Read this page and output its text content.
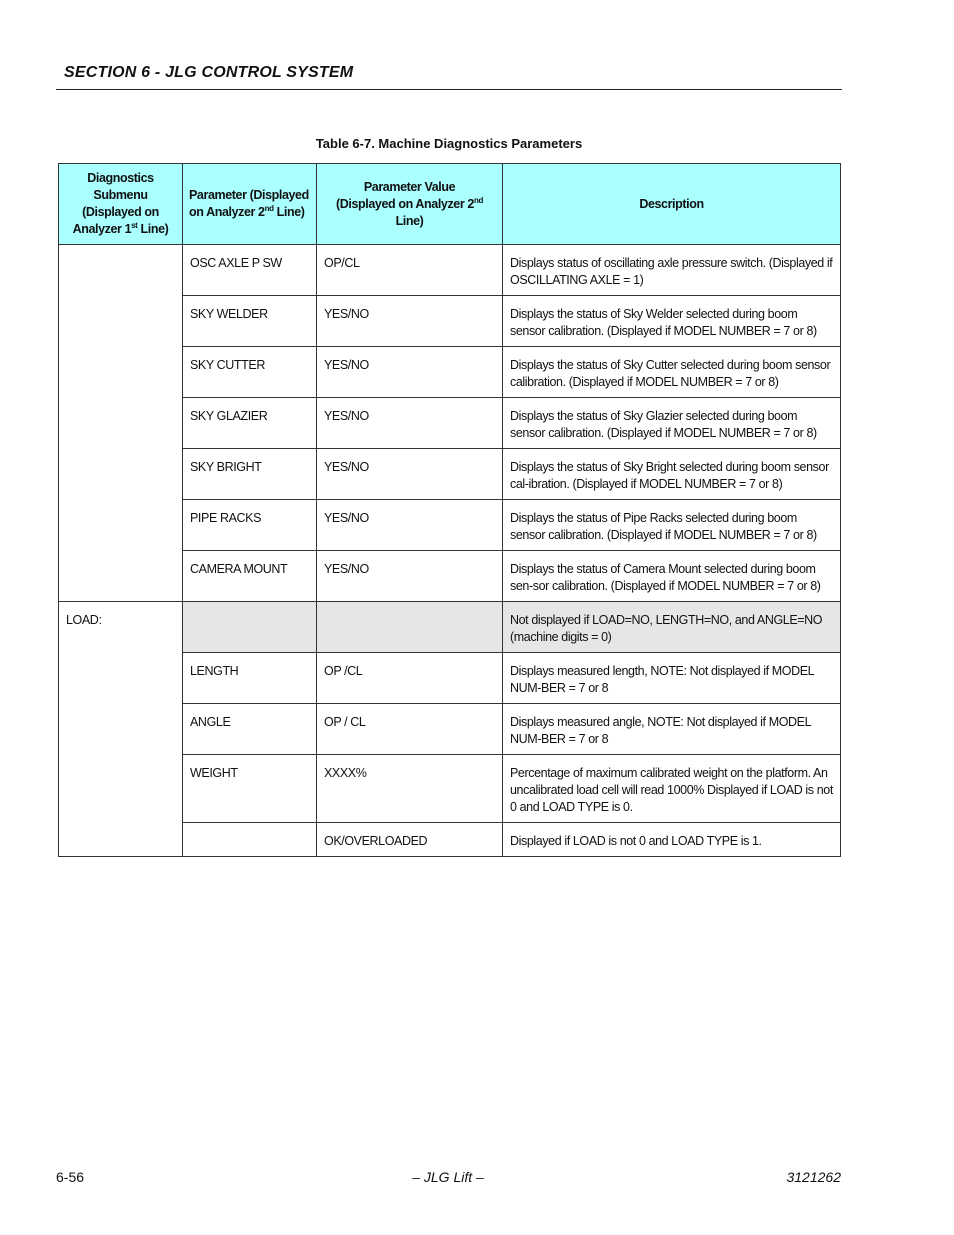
SECTION 6 - JLG CONTROL SYSTEM
Table 6-7. Machine Diagnostics Parameters
Diagnostics
Submenu
(Displayed on
Analyzer 1st Line)	Parameter (Displayed
on Analyzer 2nd Line)	Parameter Value
(Displayed on Analyzer 2nd
Line)	Description
	OSC AXLE P SW	OP/CL	Displays status of oscillating axle pressure switch. (Displayed if OSCILLATING AXLE = 1)
	SKY WELDER	YES/NO	Displays the status of Sky Welder selected during boom sensor calibration. (Displayed if MODEL NUMBER = 7 or 8)
	SKY CUTTER	YES/NO	Displays the status of Sky Cutter selected during boom sensor calibration. (Displayed if MODEL NUMBER = 7 or 8)
	SKY GLAZIER	YES/NO	Displays the status of Sky Glazier selected during boom sensor calibration. (Displayed if MODEL NUMBER = 7 or 8)
	SKY BRIGHT	YES/NO	Displays the status of Sky Bright selected during boom sensor cal-ibration. (Displayed if MODEL NUMBER = 7 or 8)
	PIPE RACKS	YES/NO	Displays the status of Pipe Racks selected during boom sensor calibration. (Displayed if MODEL NUMBER = 7 or 8)
	CAMERA MOUNT	YES/NO	Displays the status of Camera Mount selected during boom sen-sor calibration. (Displayed if MODEL NUMBER = 7 or 8)
LOAD:			Not displayed if LOAD=NO, LENGTH=NO, and ANGLE=NO (machine digits = 0)
	LENGTH	OP /CL	Displays measured length, NOTE: Not displayed if MODEL NUM-BER = 7 or 8
	ANGLE	OP / CL	Displays measured angle, NOTE: Not displayed if MODEL NUM-BER = 7 or 8
	WEIGHT	XXXX%	Percentage of maximum calibrated weight on the platform. An uncalibrated load cell will read 1000% Displayed if LOAD is not 0 and LOAD TYPE is 0.
		OK/OVERLOADED	Displayed if LOAD is not 0 and LOAD TYPE is 1.
6-56	– JLG Lift –	3121262
